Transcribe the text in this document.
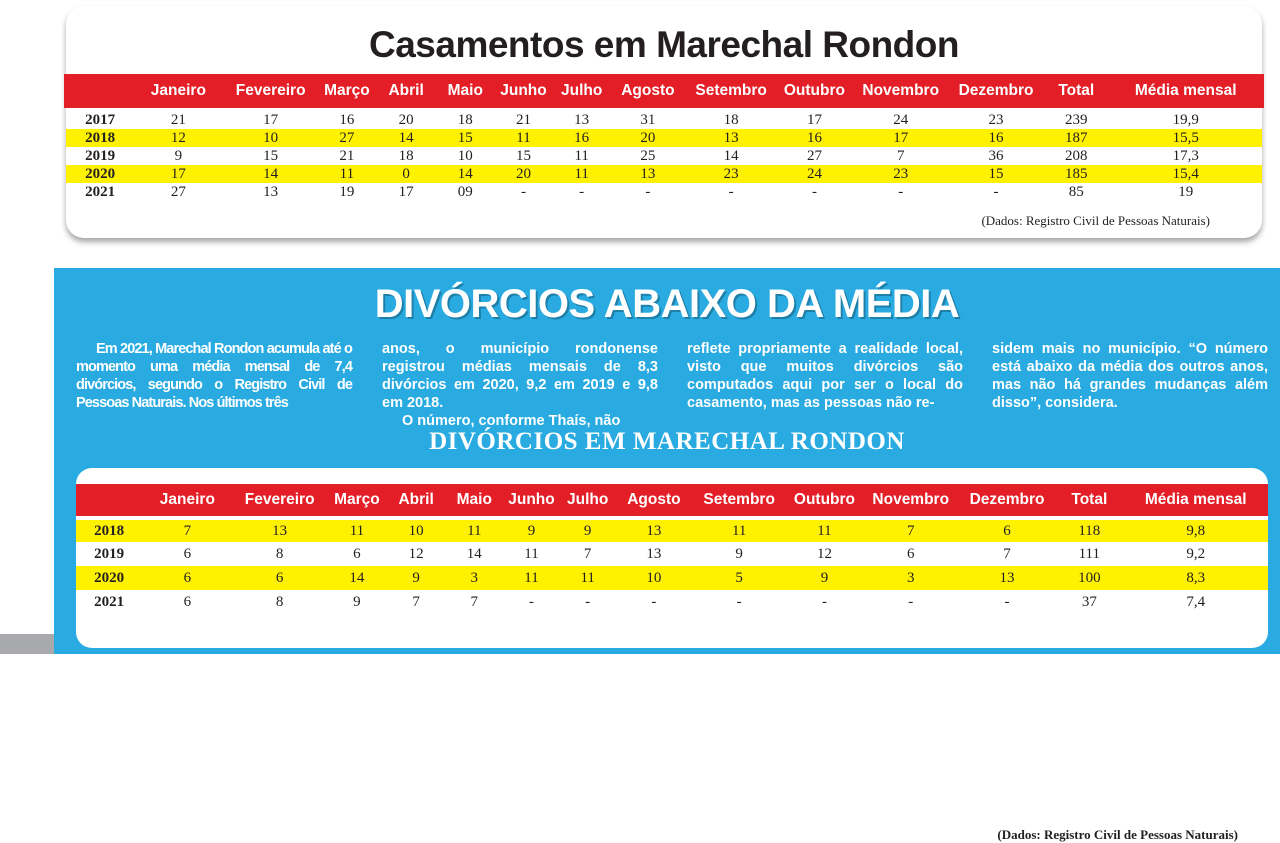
Casamentos em Marechal Rondon
	Janeiro	Fevereiro	Março	Abril	Maio	Junho	Julho	Agosto	Setembro	Outubro	Novembro	Dezembro	Total	Média mensal
2017	21	17	16	20	18	21	13	31	18	17	24	23	239	19,9
2018	12	10	27	14	15	11	16	20	13	16	17	16	187	15,5
2019	9	15	21	18	10	15	11	25	14	27	7	36	208	17,3
2020	17	14	11	0	14	20	11	13	23	24	23	15	185	15,4
2021	27	13	19	17	09	-	-	-	-	-	-	-	85	19
(Dados: Registro Civil de Pessoas Naturais)
DIVÓRCIOS ABAIXO DA MÉDIA

Em 2021, Marechal Rondon acumula até o momento uma média mensal de 7,4 divórcios, segundo o Registro Civil de Pessoas Naturais. Nos últimos três

anos, o município rondonense registrou médias mensais de 8,3 divórcios em 2020, 9,2 em 2019 e 9,8 em 2018.

O número, conforme Thaís, não

reflete propriamente a realidade local, visto que muitos divórcios são computados aqui por ser o local do casamento, mas as pessoas não re-

sidem mais no município. “O número está abaixo da média dos outros anos, mas não há grandes mudanças além disso”, considera.

DIVÓRCIOS EM MARECHAL RONDON
	Janeiro	Fevereiro	Março	Abril	Maio	Junho	Julho	Agosto	Setembro	Outubro	Novembro	Dezembro	Total	Média mensal
2018	7	13	11	10	11	9	9	13	11	11	7	6	118	9,8
2019	6	8	6	12	14	11	7	13	9	12	6	7	111	9,2
2020	6	6	14	9	3	11	11	10	5	9	3	13	100	8,3
2021	6	8	9	7	7	-	-	-	-	-	-	-	37	7,4
(Dados: Registro Civil de Pessoas Naturais)
